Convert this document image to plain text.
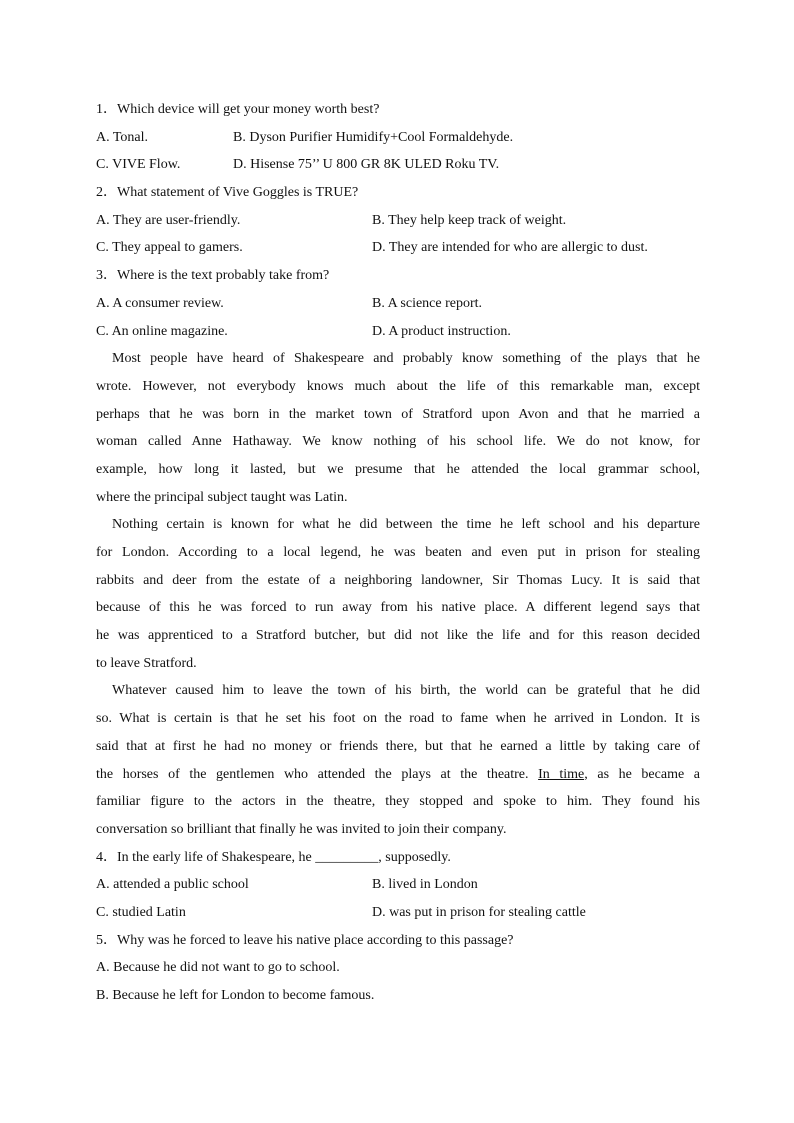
1．Which device will get your money worth best?
A. Tonal.	B. Dyson Purifier Humidify+Cool Formaldehyde.
C. VIVE Flow.	D. Hisense 75’’ U 800 GR 8K ULED Roku TV.
2．What statement of Vive Goggles is TRUE?
A. They are user-friendly.	B. They help keep track of weight.
C. They appeal to gamers.	D. They are intended for who are allergic to dust.
3．Where is the text probably take from?
A. A consumer review.	B. A science report.
C. An online magazine.	D. A product instruction.
Most people have heard of Shakespeare and probably know something of the plays that he
wrote. However, not everybody knows much about the life of this remarkable man, except
perhaps that he was born in the market town of Stratford upon Avon and that he married a
woman called Anne Hathaway. We know nothing of his school life. We do not know, for
example, how long it lasted, but we presume that he attended the local grammar school,
where the principal subject taught was Latin.
Nothing certain is known for what he did between the time he left school and his departure
for London. According to a local legend, he was beaten and even put in prison for stealing
rabbits and deer from the estate of a neighboring landowner, Sir Thomas Lucy. It is said that
because of this he was forced to run away from his native place. A different legend says that
he was apprenticed to a Stratford butcher, but did not like the life and for this reason decided
to leave Stratford.
Whatever caused him to leave the town of his birth, the world can be grateful that he did
so. What is certain is that he set his foot on the road to fame when he arrived in London. It is
said that at first he had no money or friends there, but that he earned a little by taking care of
the horses of the gentlemen who attended the plays at the theatre. In time, as he became a
familiar figure to the actors in the theatre, they stopped and spoke to him. They found his
conversation so brilliant that finally he was invited to join their company.
4．In the early life of Shakespeare, he _________, supposedly.
A. attended a public school	B. lived in London
C. studied Latin	D. was put in prison for stealing cattle
5．Why was he forced to leave his native place according to this passage?
A. Because he did not want to go to school.
B. Because he left for London to become famous.
